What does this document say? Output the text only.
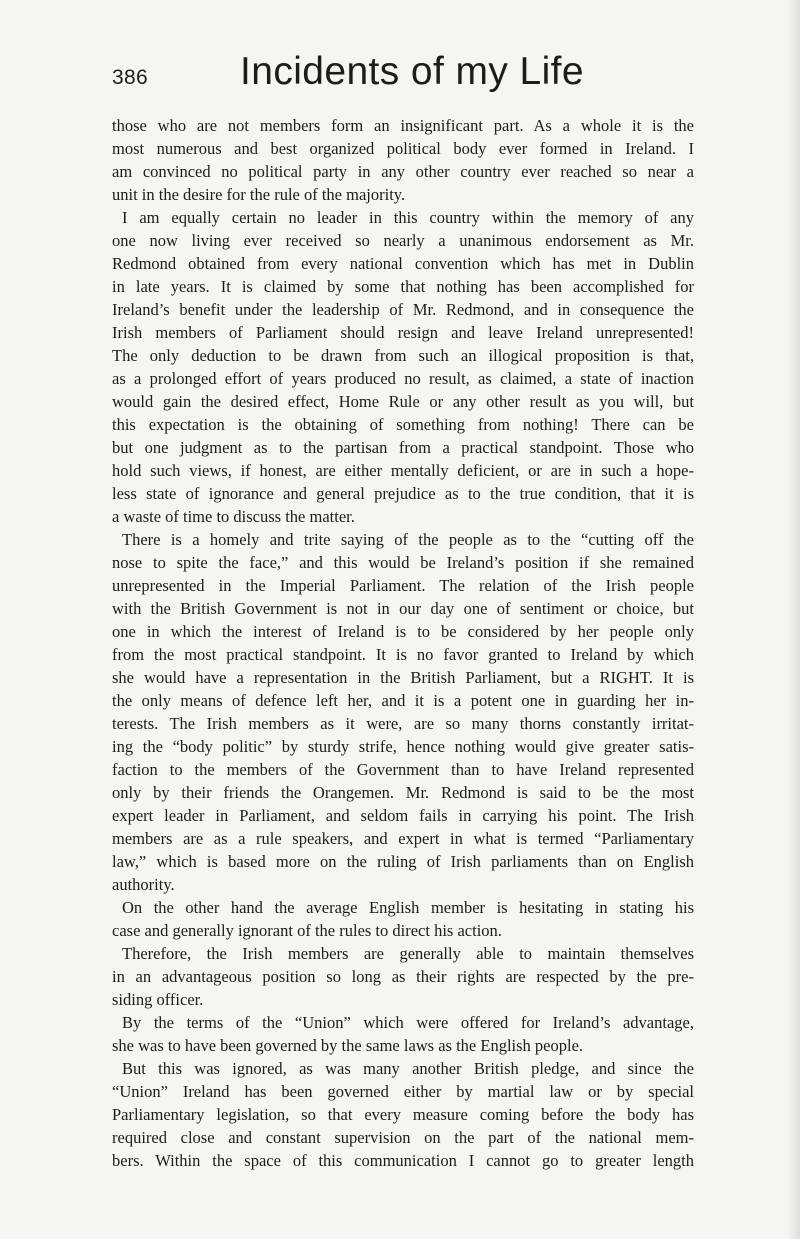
386	Incidents of my Life
those who are not members form an insignificant part. As a whole it is the
most numerous and best organized political body ever formed in Ireland. I
am convinced no political party in any other country ever reached so near a
unit in the desire for the rule of the majority.
I am equally certain no leader in this country within the memory of any
one now living ever received so nearly a unanimous endorsement as Mr.
Redmond obtained from every national convention which has met in Dublin
in late years. It is claimed by some that nothing has been accomplished for
Ireland’s benefit under the leadership of Mr. Redmond, and in consequence the
Irish members of Parliament should resign and leave Ireland unrepresented!
The only deduction to be drawn from such an illogical proposition is that,
as a prolonged effort of years produced no result, as claimed, a state of inaction
would gain the desired effect, Home Rule or any other result as you will, but
this expectation is the obtaining of something from nothing! There can be
but one judgment as to the partisan from a practical standpoint. Those who
hold such views, if honest, are either mentally deficient, or are in such a hope-
less state of ignorance and general prejudice as to the true condition, that it is
a waste of time to discuss the matter.
There is a homely and trite saying of the people as to the “cutting off the
nose to spite the face,” and this would be Ireland’s position if she remained
unrepresented in the Imperial Parliament. The relation of the Irish people
with the British Government is not in our day one of sentiment or choice, but
one in which the interest of Ireland is to be considered by her people only
from the most practical standpoint. It is no favor granted to Ireland by which
she would have a representation in the British Parliament, but a RIGHT. It is
the only means of defence left her, and it is a potent one in guarding her in-
terests. The Irish members as it were, are so many thorns constantly irritat-
ing the “body politic” by sturdy strife, hence nothing would give greater satis-
faction to the members of the Government than to have Ireland represented
only by their friends the Orangemen. Mr. Redmond is said to be the most
expert leader in Parliament, and seldom fails in carrying his point. The Irish
members are as a rule speakers, and expert in what is termed “Parliamentary
law,” which is based more on the ruling of Irish parliaments than on English
authority.
On the other hand the average English member is hesitating in stating his
case and generally ignorant of the rules to direct his action.
Therefore, the Irish members are generally able to maintain themselves
in an advantageous position so long as their rights are respected by the pre-
siding officer.
By the terms of the “Union” which were offered for Ireland’s advantage,
she was to have been governed by the same laws as the English people.
But this was ignored, as was many another British pledge, and since the
“Union” Ireland has been governed either by martial law or by special
Parliamentary legislation, so that every measure coming before the body has
required close and constant supervision on the part of the national mem-
bers. Within the space of this communication I cannot go to greater length
